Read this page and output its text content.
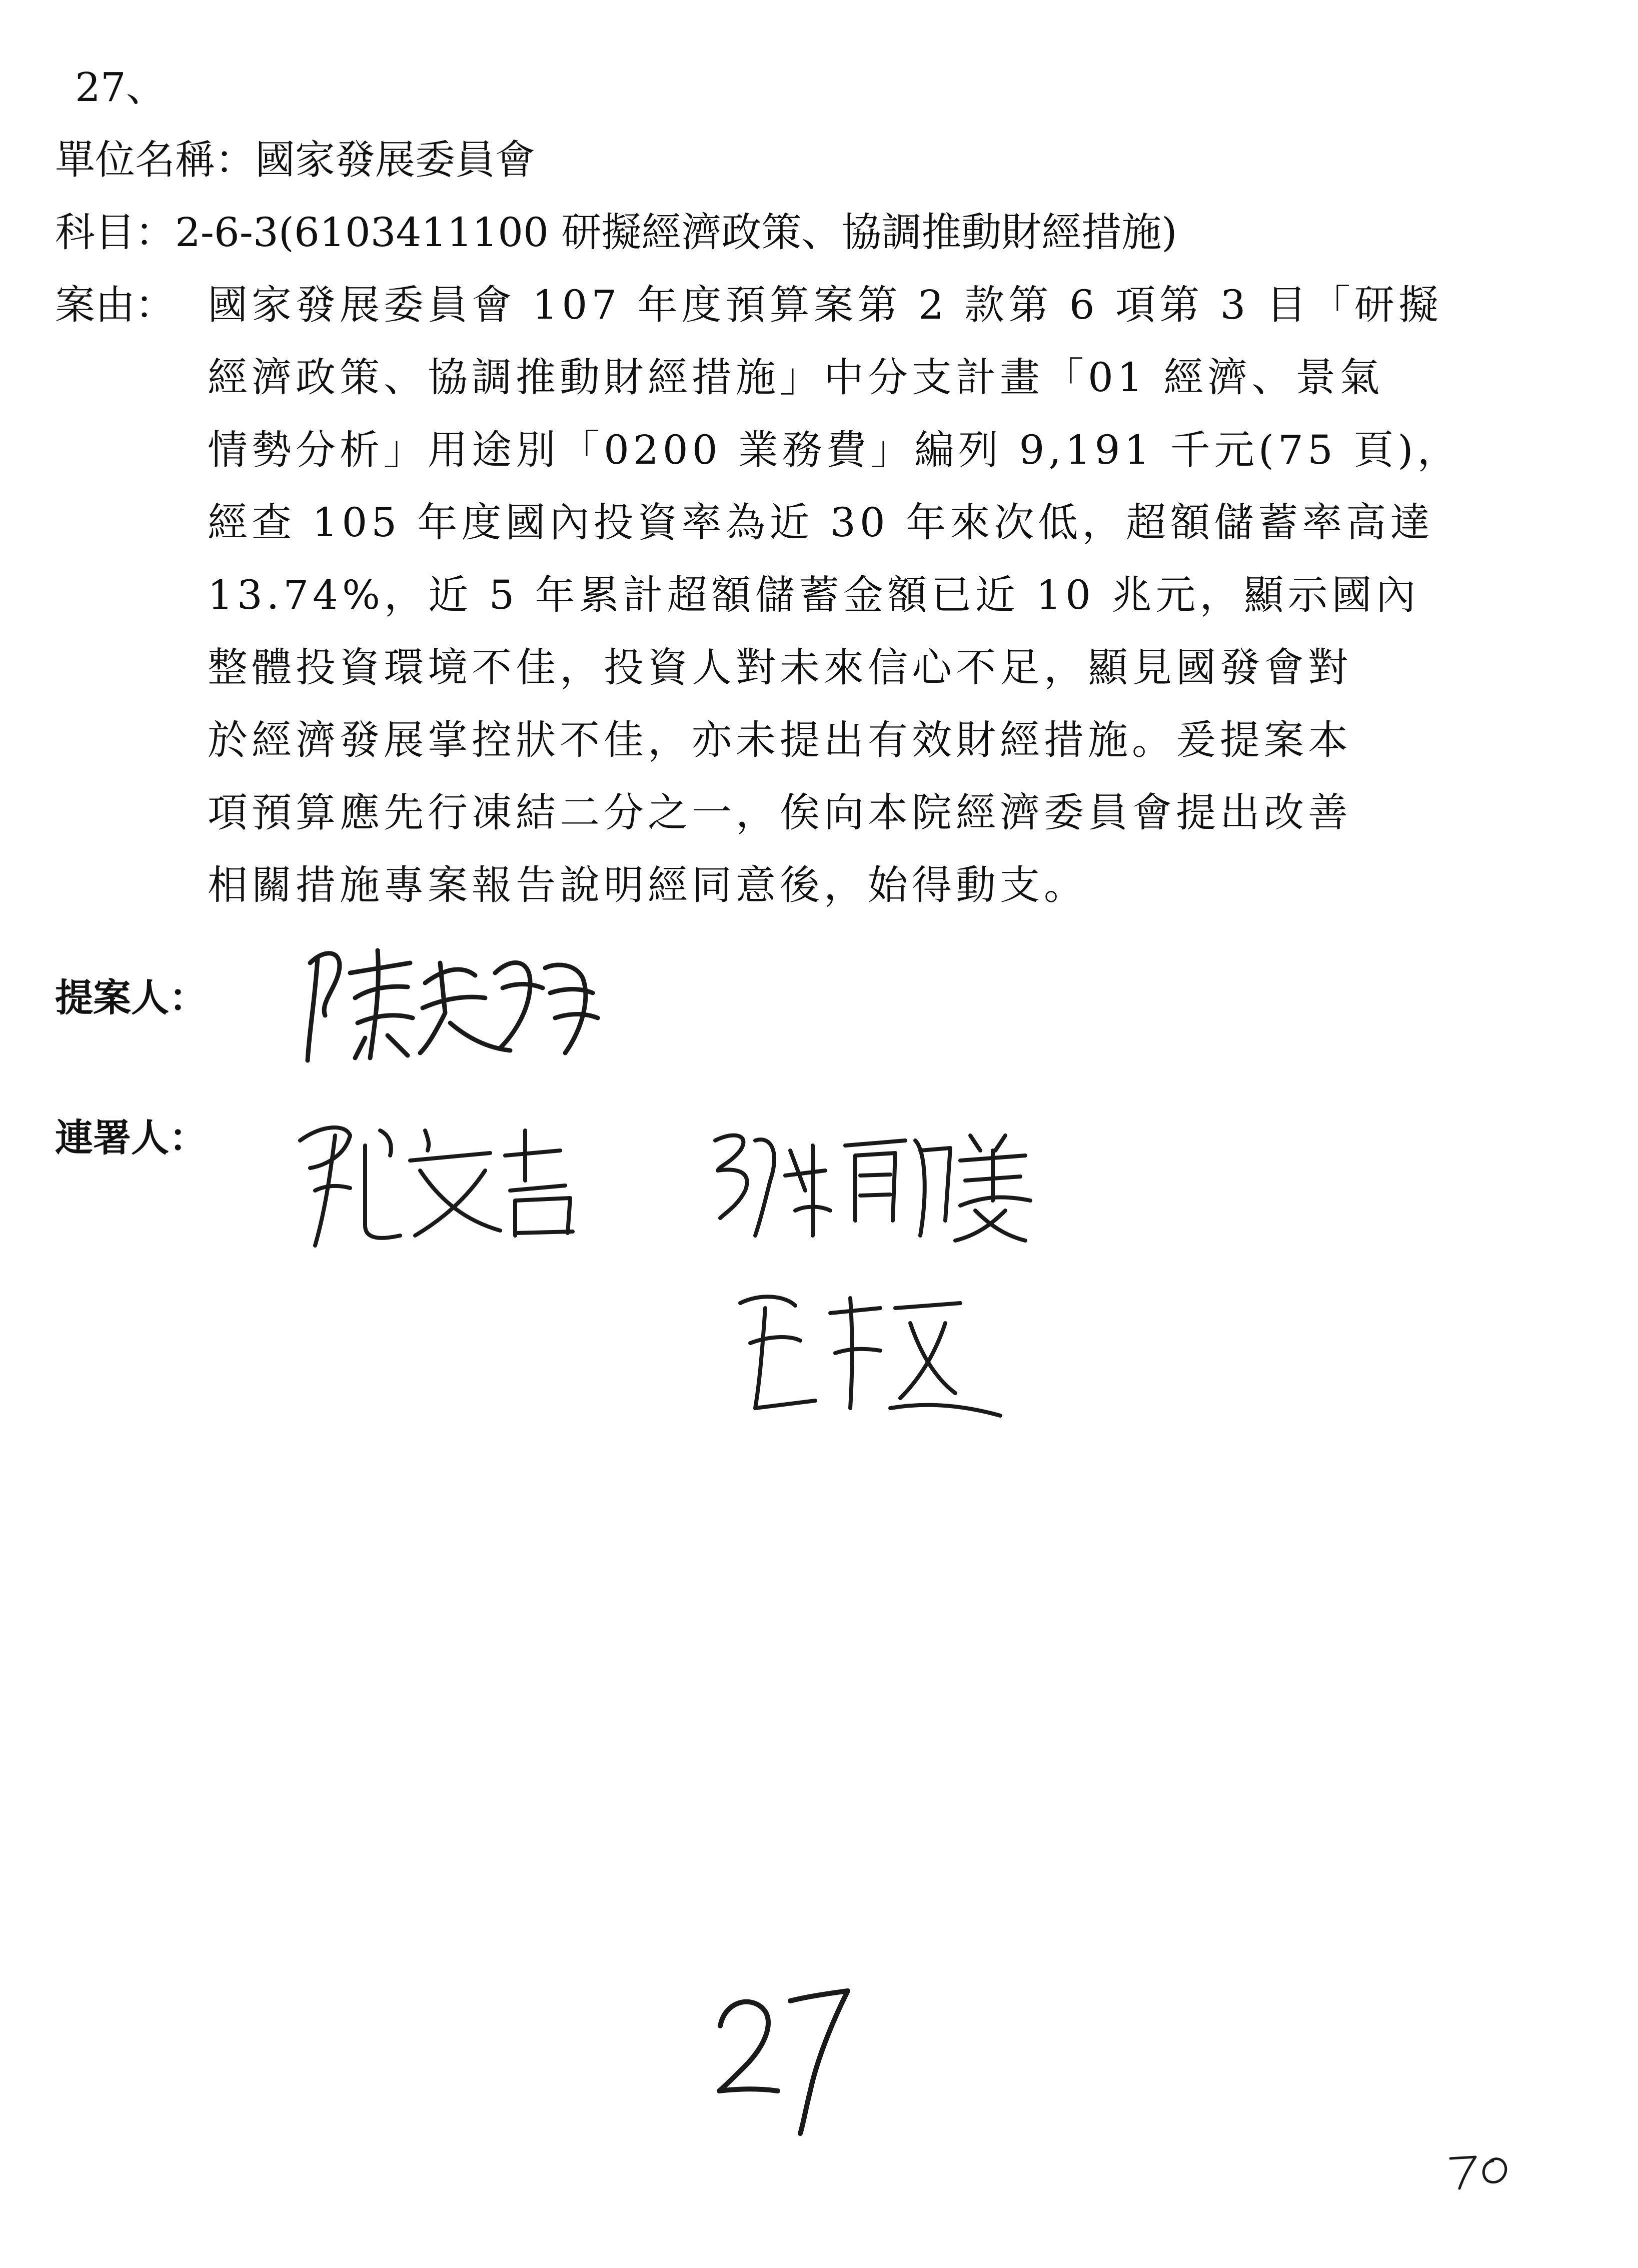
27、
單位名稱：國家發展委員會
科目：2-6-3(6103411100 研擬經濟政策、協調推動財經措施)
案由： 國家發展委員會 107 年度預算案第 2 款第 6 項第 3 目「研擬
經濟政策、協調推動財經措施」中分支計畫「01 經濟、景氣
情勢分析」用途別「0200 業務費」編列 9,191 千元(75 頁)，
經查 105 年度國內投資率為近 30 年來次低，超額儲蓄率高達
13.74%，近 5 年累計超額儲蓄金額已近 10 兆元，顯示國內
整體投資環境不佳，投資人對未來信心不足，顯見國發會對
於經濟發展掌控狀不佳，亦未提出有效財經措施。爰提案本
項預算應先行凍結二分之一，俟向本院經濟委員會提出改善
相關措施專案報告說明經同意後，始得動支。
提案人：
連署人：
27
70
